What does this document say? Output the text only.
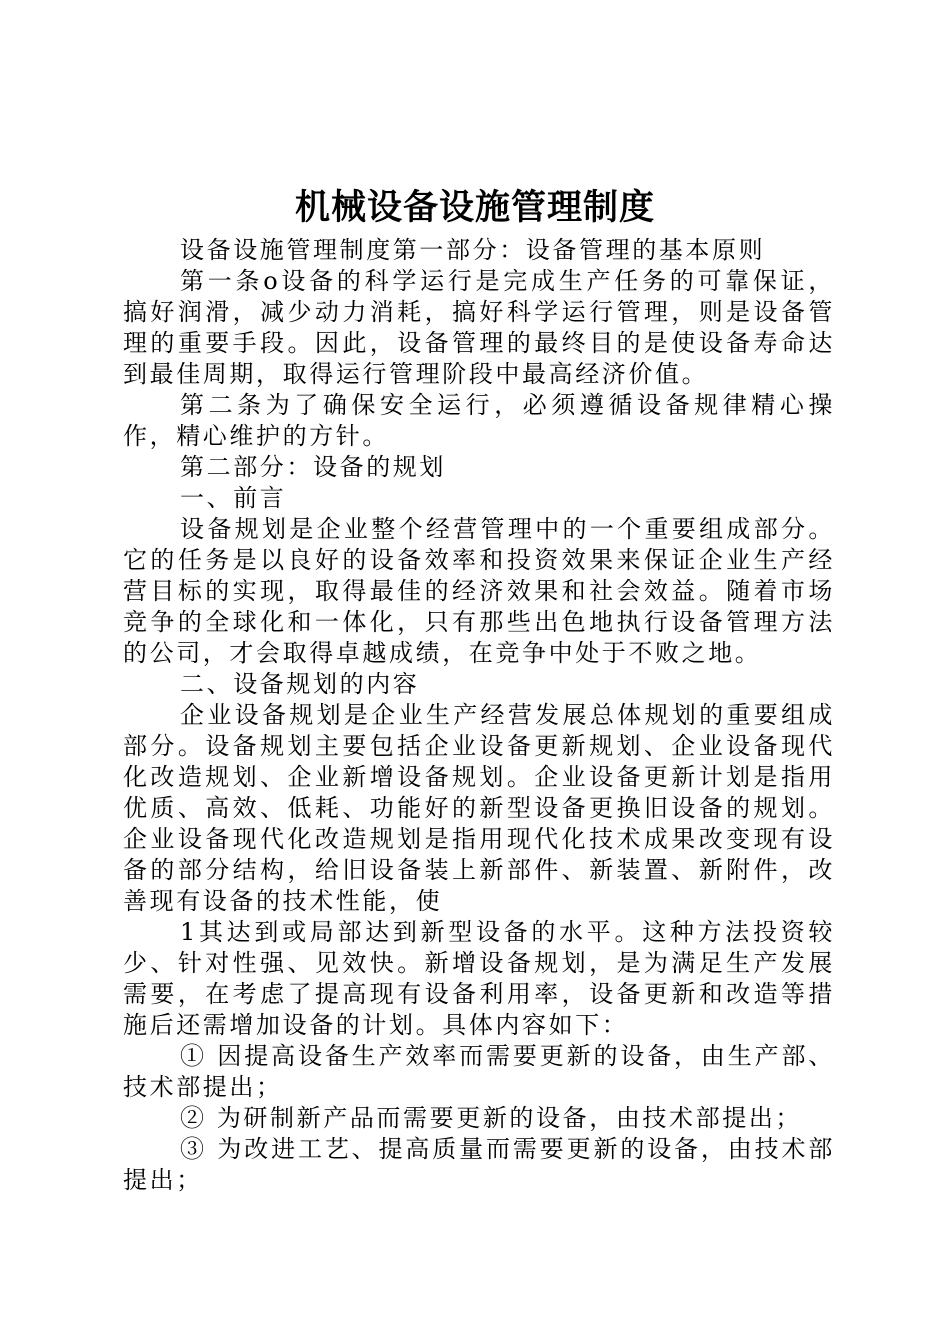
机械设备设施管理制度

设备设施管理制度第一部分：设备管理的基本原则

第一条o设备的科学运行是完成生产任务的可靠保证，搞好润滑，减少动力消耗，搞好科学运行管理，则是设备管理的重要手段。因此，设备管理的最终目的是使设备寿命达到最佳周期，取得运行管理阶段中最高经济价值。

第二条为了确保安全运行，必须遵循设备规律精心操作，精心维护的方针。

第二部分：设备的规划

一、前言

设备规划是企业整个经营管理中的一个重要组成部分。它的任务是以良好的设备效率和投资效果来保证企业生产经营目标的实现，取得最佳的经济效果和社会效益。随着市场竞争的全球化和一体化，只有那些出色地执行设备管理方法的公司，才会取得卓越成绩，在竞争中处于不败之地。

二、设备规划的内容

企业设备规划是企业生产经营发展总体规划的重要组成部分。设备规划主要包括企业设备更新规划、企业设备现代化改造规划、企业新增设备规划。企业设备更新计划是指用优质、高效、低耗、功能好的新型设备更换旧设备的规划。企业设备现代化改造规划是指用现代化技术成果改变现有设备的部分结构，给旧设备装上新部件、新装置、新附件，改善现有设备的技术性能，使

1其达到或局部达到新型设备的水平。这种方法投资较少、针对性强、见效快。新增设备规划，是为满足生产发展需要，在考虑了提高现有设备利用率，设备更新和改造等措施后还需增加设备的计划。具体内容如下：

① 因提高设备生产效率而需要更新的设备，由生产部、技术部提出；

② 为研制新产品而需要更新的设备，由技术部提出；

③ 为改进工艺、提高质量而需要更新的设备，由技术部提出；
